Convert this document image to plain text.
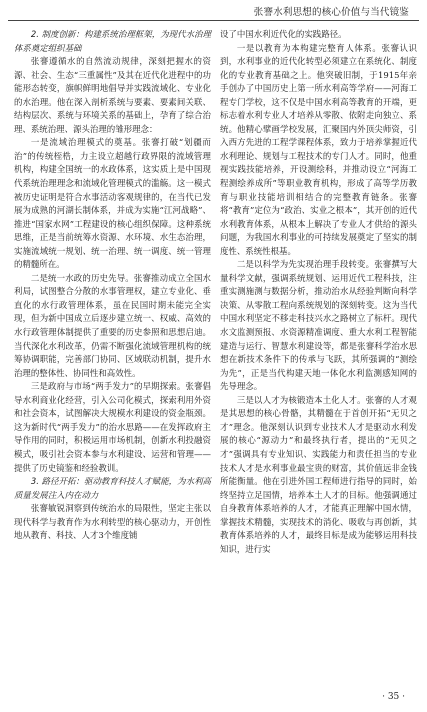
张謇水利思想的核心价值与当代镜鉴
2. 制度创新：构建系统治理框架，为现代水治理体系奠定组织基础

张謇遵循水的自然流动规律，深刻把握水的资源、社会、生态“三重属性”及其在近代化进程中的功能形态转变，旗帜鲜明地倡导并实践流域化、专业化的水治理。他在深入剖析系统与要素、要素间关联、结构层次、系统与环境关系的基础上，孕育了综合治理、系统治理、源头治理的雏形理念：

一是流域治理模式的奠基。张謇打破“划疆而治”的传统桎梏，力主设立超越行政界限的流域管理机构，构建全国统一的水政体系，这实质上是中国现代系统治理理念和流域化管理模式的滥觞。这一模式被历史证明是符合水事活动客观规律的，在当代已发展为成熟的河湖长制体系，并成为实施“江河战略”、推进“国家水网”工程建设的核心组织保障。这种系统思维，正是当前统筹水资源、水环境、水生态治理，实施流域统一规划、统一治理、统一调度、统一管理的精髓所在。

二是统一水政的历史先导。张謇推动成立全国水利局，试图整合分散的水事管理权，建立专业化、垂直化的水行政管理体系，虽在民国时期未能完全实现，但为新中国成立后逐步建立统一、权威、高效的水行政管理体制提供了重要的历史参照和思想启迪。当代深化水利改革，仍需不断强化流域管理机构的统筹协调职能，完善部门协同、区域联动机制，提升水治理的整体性、协同性和高效性。

三是政府与市场“两手发力”的早期探索。张謇倡导水利商业化经营，引入公司化模式，探索利用外资和社会资本，试图解决大规模水利建设的资金瓶颈。这为新时代“两手发力”的治水思路——在发挥政府主导作用的同时，积极运用市场机制，创新水利投融资模式，吸引社会资本参与水利建设、运营和管理——提供了历史镜鉴和经验教训。

3. 路径开拓：驱动教育科技人才赋能，为水利高质量发展注入内在动力

张謇敏锐洞察到传统治水的局限性，坚定主张以现代科学与教育作为水利转型的核心驱动力，开创性地从教育、科技、人才3个维度铺

设了中国水利近代化的实践路径。

一是以教育为本构建完整育人体系。张謇认识到，水利事业的近代化转型必须建立在系统化、制度化的专业教育基础之上。他突破旧制，于1915年亲手创办了中国历史上第一所水利高等学府——河海工程专门学校，这不仅是中国水利高等教育的开端，更标志着水利专业人才培养从零散、依附走向独立、系统。他精心擘画学校发展，汇聚国内外顶尖师资，引入西方先进的工程学课程体系，致力于培养掌握近代水利理论、规划与工程技术的专门人才。同时，他重视实践技能培养，开设测绘科，并推动设立“河海工程测绘养成所”等职业教育机构，形成了高等学历教育与职业技能培训相结合的完整教育链条。张謇将“教育”定位为“政治、实业之根本”，其开创的近代水利教育体系，从根本上解决了专业人才供给的源头问题，为我国水利事业的可持续发展奠定了坚实的制度性、系统性根基。

二是以科学为先实现治理手段转变。张謇撰写大量科学文献，强调系统规划、运用近代工程科技，注重实测施测与数据分析，推动治水从经验判断向科学决策、从零散工程向系统规划的深刻转变。这为当代中国水利坚定不移走科技兴水之路树立了标杆。现代水文监测预报、水资源精准调度、重大水利工程智能建造与运行、智慧水利建设等，都是张謇科学治水思想在新技术条件下的传承与飞跃，其所强调的“测绘为先”，正是当代构建天地一体化水利监测感知网的先导理念。

三是以人才为核锻造本土化人才。张謇的人才观是其思想的核心骨骼，其精髓在于首创开拓“无贝之才”理念。他深刻认识到专业技术人才是驱动水利发展的核心“源动力”和最终执行者，提出的“无贝之才”强调具有专业知识、实践能力和责任担当的专业技术人才是水利事业最宝贵的财富，其价值远非金钱所能衡量。他在引进外国工程师进行指导的同时，始终坚持立足国情，培养本土人才的目标。他强调通过自身教育体系培养的人才，才能真正理解中国水情，掌握技术精髓，实现技术的消化、吸收与再创新，其教育体系培养的人才，最终目标是成为能够运用科技知识，进行实

· 35 ·
